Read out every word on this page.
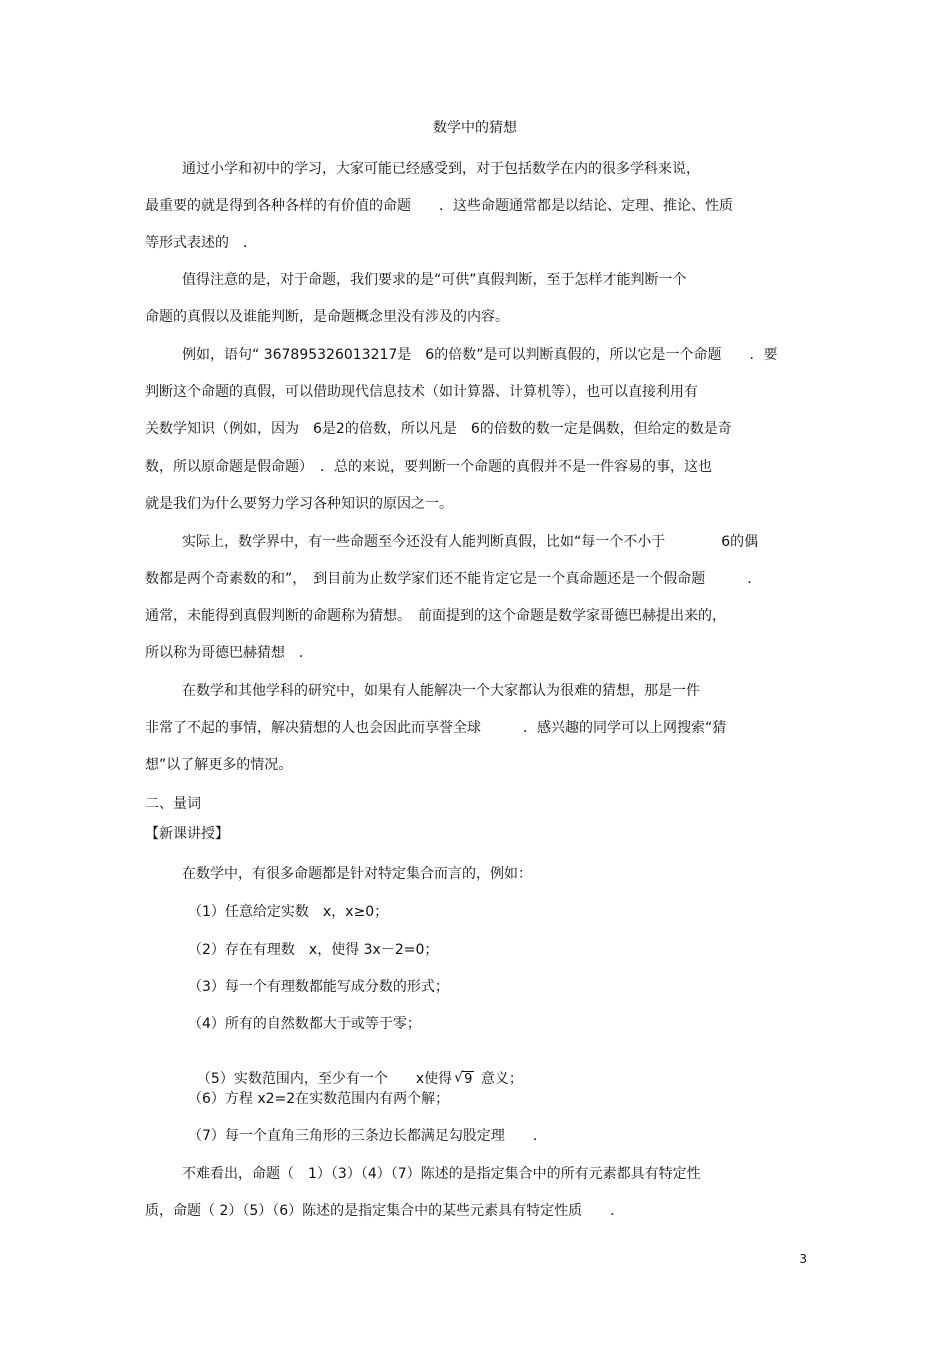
数学中的猜想
通过小学和初中的学习，大家可能已经感受到，对于包括数学在内的很多学科来说，
最重要的就是得到各种各样的有价值的命题　　．这些命题通常都是以结论、定理、推论、性质
等形式表述的　．
值得注意的是，对于命题，我们要求的是“可供”真假判断，至于怎样才能判断一个
命题的真假以及谁能判断，是命题概念里没有涉及的内容。
例如，语句“ 367895326013217是　6的倍数”是可以判断真假的，所以它是一个命题　　．要
判断这个命题的真假，可以借助现代信息技术（如计算器、计算机等），也可以直接利用有
关数学知识（例如，因为　6是2的倍数，所以凡是　6的倍数的数一定是偶数，但给定的数是奇
数，所以原命题是假命题）　．总的来说，要判断一个命题的真假并不是一件容易的事，这也
就是我们为什么要努力学习各种知识的原因之一。
实际上，数学界中，有一些命题至今还没有人能判断真假，比如“每一个不小于　　　　6的偶
数都是两个奇素数的和”，　到目前为止数学家们还不能肯定它是一个真命题还是一个假命题　　　．
通常，未能得到真假判断的命题称为猜想。　前面提到的这个命题是数学家哥德巴赫提出来的，
所以称为哥德巴赫猜想　．
在数学和其他学科的研究中，如果有人能解决一个大家都认为很难的猜想，那是一件
非常了不起的事情，解决猜想的人也会因此而享誉全球　　　．感兴趣的同学可以上网搜索“猜
想”以了解更多的情况。
二、量词
【新课讲授】
在数学中，有很多命题都是针对特定集合而言的，例如：
（1）任意给定实数　x，x≥0；
（2）存在有理数　x，使得 3x－2=0；
（3）每一个有理数都能写成分数的形式；
（4）所有的自然数都大于或等于零；

（5）实数范围内，至少有一个　　x使得 √ 9 意义；

（6）方程 x2=2在实数范围内有两个解；
（7）每一个直角三角形的三条边长都满足勾股定理　　．
不难看出，命题（　1）（3）（4）（7）陈述的是指定集合中的所有元素都具有特定性
质，命题（ 2）（5）（6）陈述的是指定集合中的某些元素具有特定性质　　．
3
